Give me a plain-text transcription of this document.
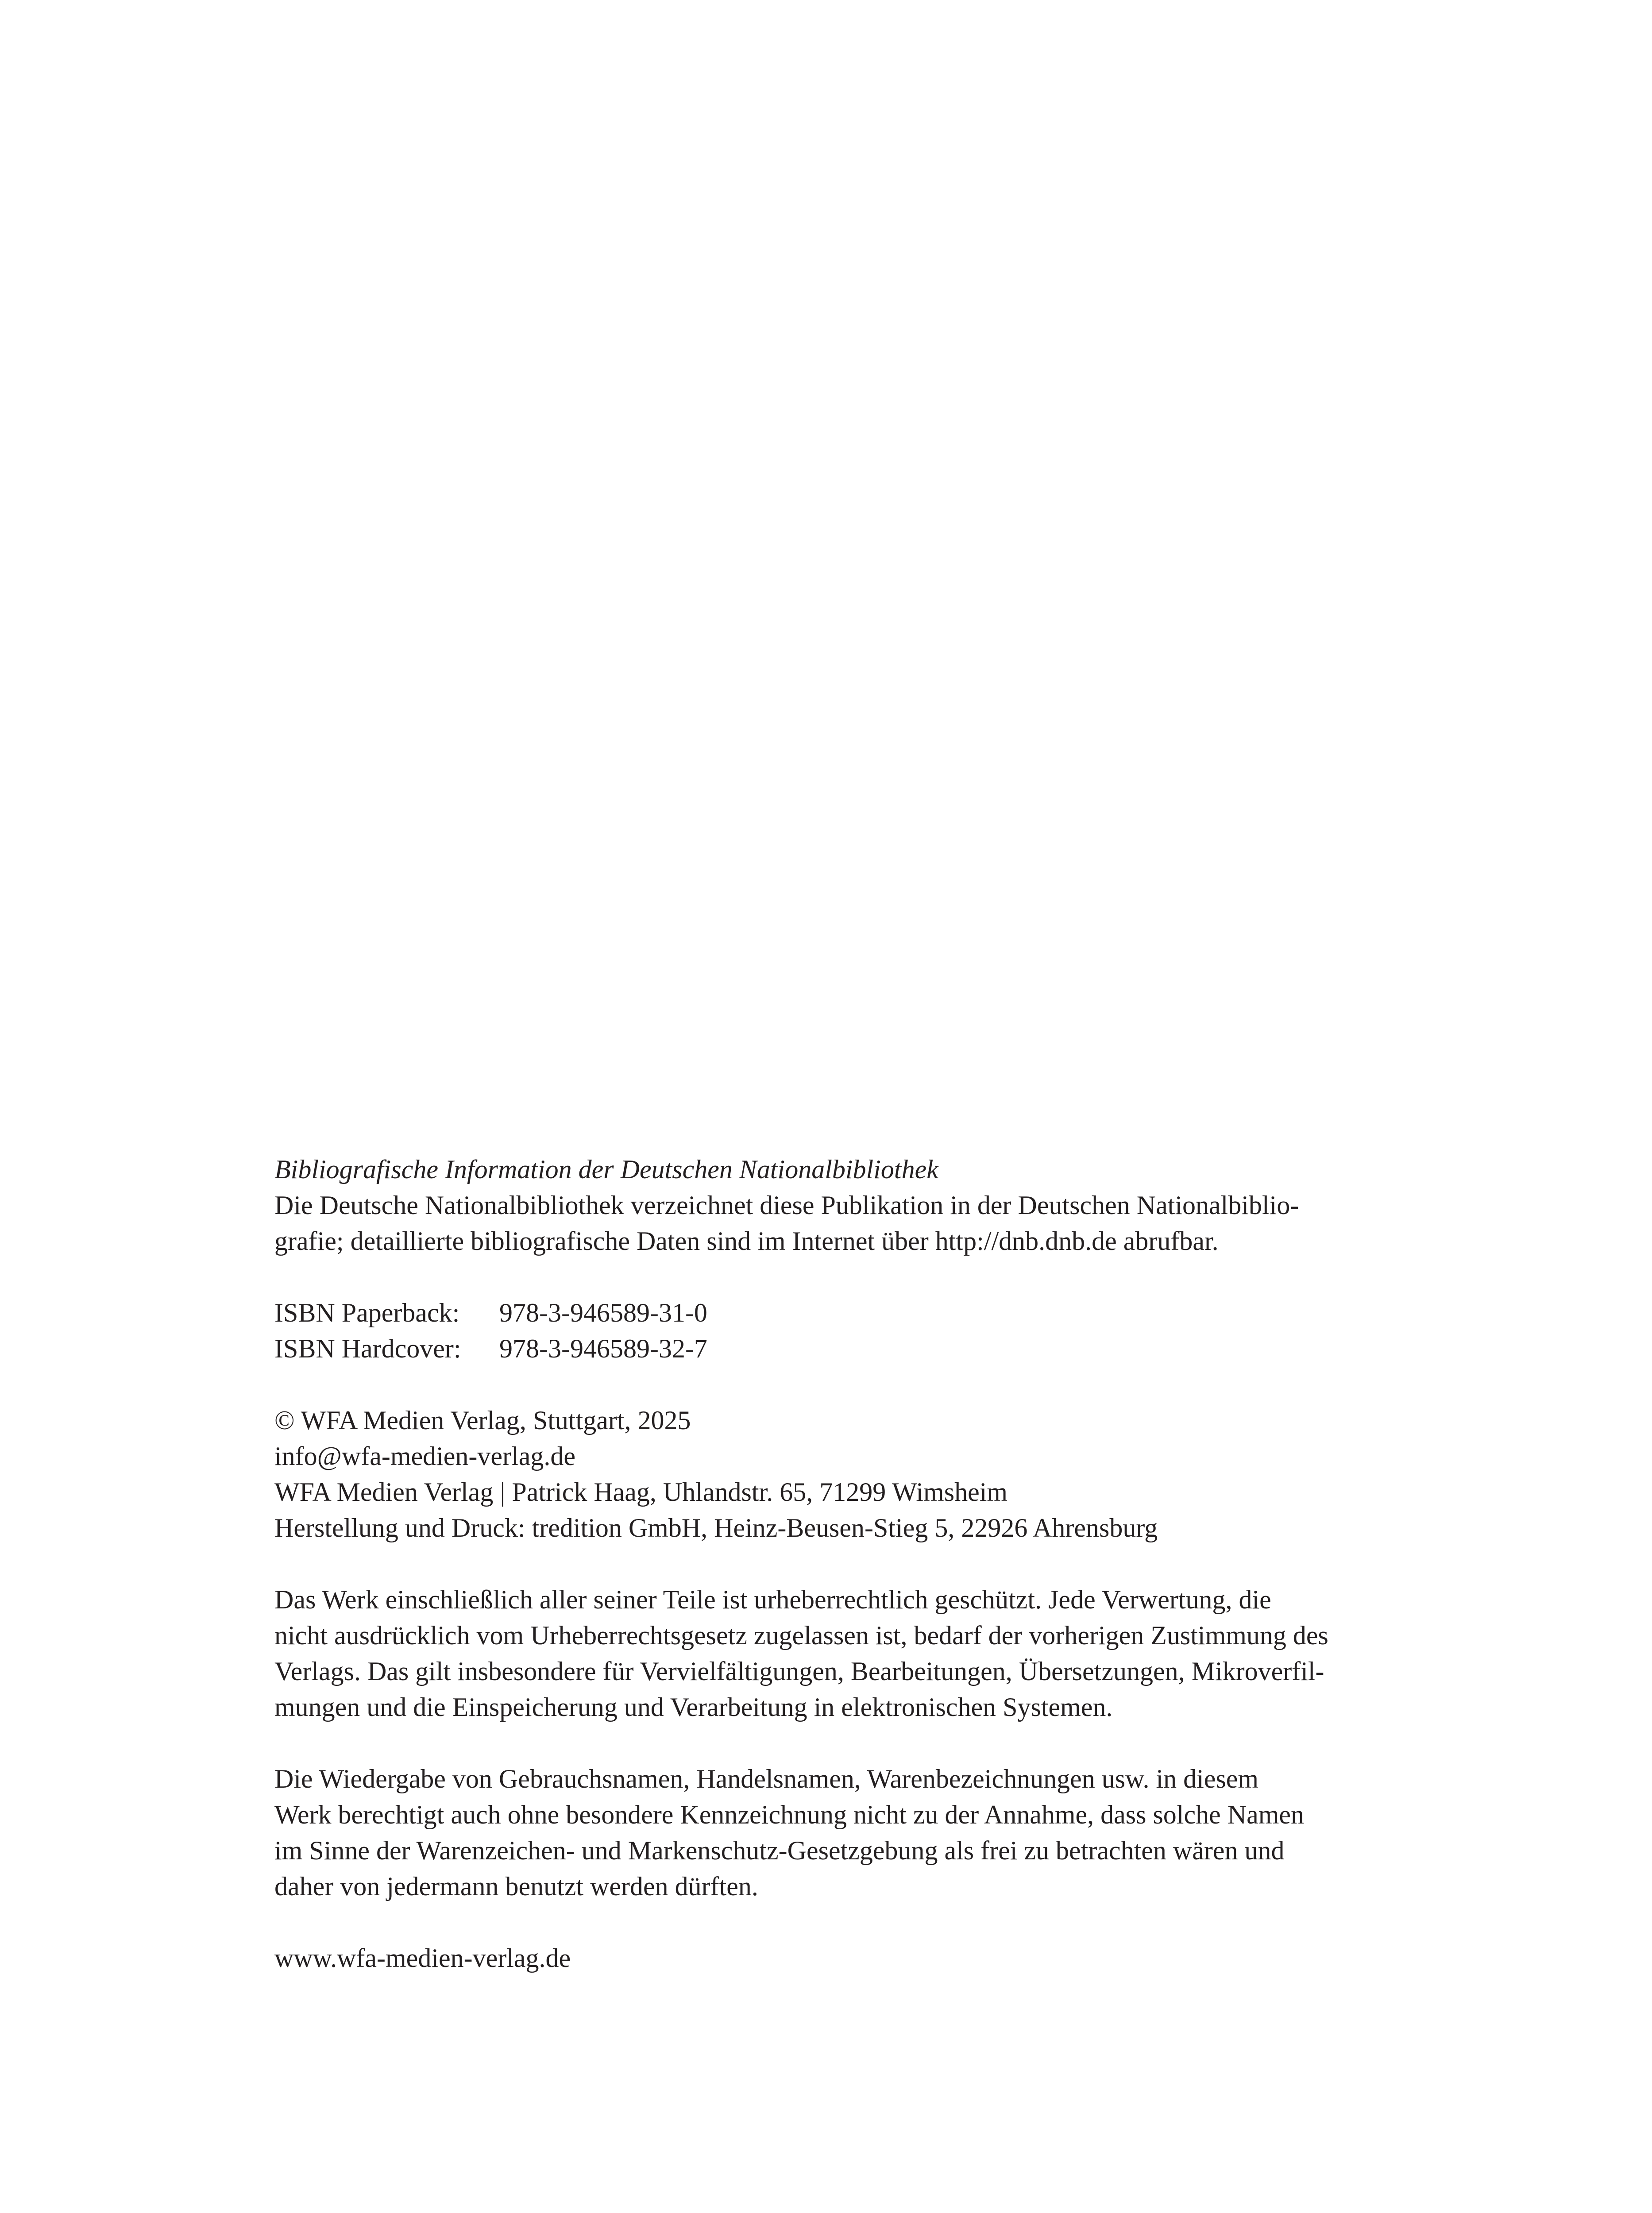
Bibliografische Information der Deutschen Nationalbibliothek
Die Deutsche Nationalbibliothek verzeichnet diese Publikation in der Deutschen Nationalbiblio-
grafie; detaillierte bibliografische Daten sind im Internet über http://dnb.dnb.de abrufbar.

ISBN Paperback: 978-3-946589-31-0
ISBN Hardcover: 978-3-946589-32-7

© WFA Medien Verlag, Stuttgart, 2025
info@wfa-medien-verlag.de
WFA Medien Verlag | Patrick Haag, Uhlandstr. 65, 71299 Wimsheim
Herstellung und Druck: tredition GmbH, Heinz-Beusen-Stieg 5, 22926 Ahrensburg

Das Werk einschließlich aller seiner Teile ist urheberrechtlich geschützt. Jede Verwertung, die
nicht ausdrücklich vom Urheberrechtsgesetz zugelassen ist, bedarf der vorherigen Zustimmung des
Verlags. Das gilt insbesondere für Vervielfältigungen, Bearbeitungen, Übersetzungen, Mikroverfil-
mungen und die Einspeicherung und Verarbeitung in elektronischen Systemen.

Die Wiedergabe von Gebrauchsnamen, Handelsnamen, Warenbezeichnungen usw. in diesem
Werk berechtigt auch ohne besondere Kennzeichnung nicht zu der Annahme, dass solche Namen
im Sinne der Warenzeichen- und Markenschutz-Gesetzgebung als frei zu betrachten wären und
daher von jedermann benutzt werden dürften.

www.wfa-medien-verlag.de
